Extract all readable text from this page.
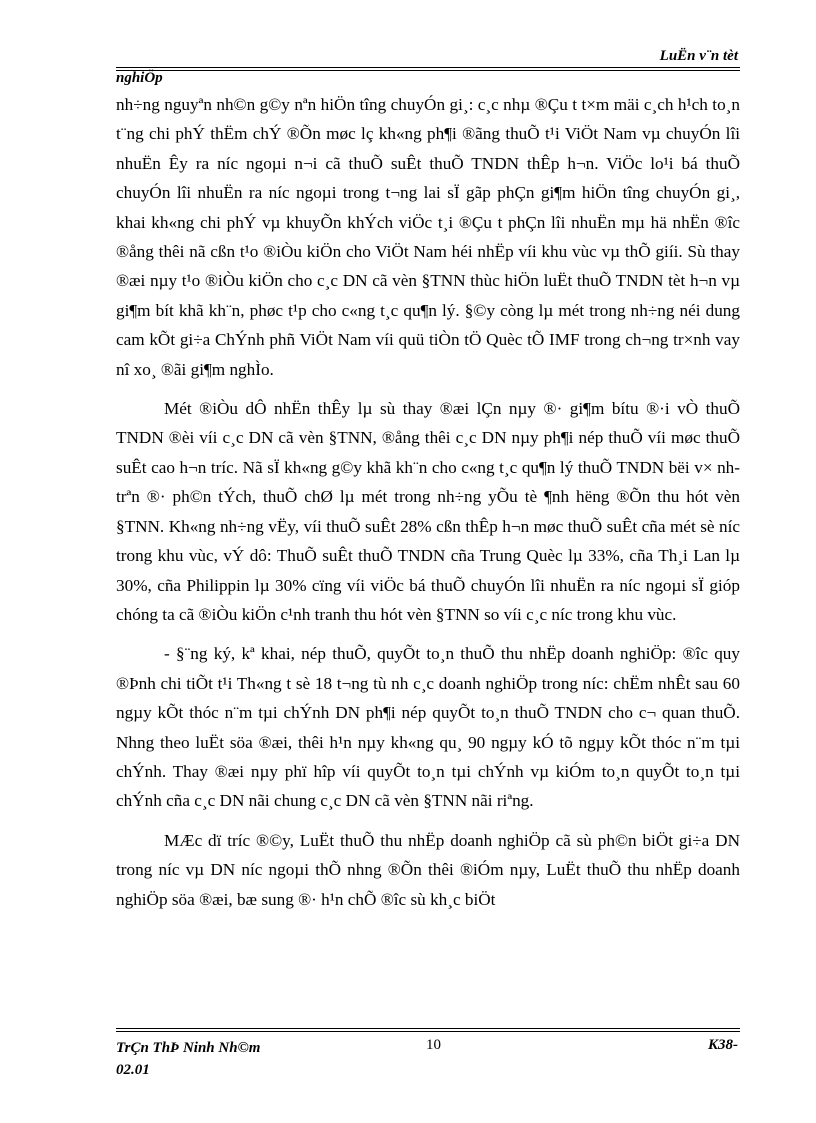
LuËn v¨n tèt
nghiÖp

nh÷ng nguyªn nh©n g©y nªn hiÖn tîng chuyÓn gi¸: c¸c nhµ ®Çu t t×m mäi c¸ch h¹ch to¸n t¨ng chi phÝ thËm chÝ ®Õn møc lç kh«ng ph¶i ®ãng thuÕ t¹i ViÖt Nam vµ chuyÓn lîi nhuËn Êy ra níc ngoµi n¬i cã thuÕ suÊt thuÕ TNDN thÊp h¬n. ViÖc lo¹i bá thuÕ chuyÓn lîi nhuËn ra níc ngoµi trong t¬ng lai sÏ gãp phÇn gi¶m hiÖn tîng chuyÓn gi¸, khai kh«ng chi phÝ vµ khuyÕn khÝch viÖc t¸i ®Çu t phÇn lîi nhuËn mµ hä nhËn ®îc ®ång thêi nã cßn t¹o ®iÒu kiÖn cho ViÖt Nam héi nhËp víi khu vùc vµ thÕ giíi. Sù thay ®æi nµy t¹o ®iÒu kiÖn cho c¸c DN cã vèn §TNN thùc hiÖn luËt thuÕ TNDN tèt h¬n vµ gi¶m bít khã kh¨n, phøc t¹p cho c«ng t¸c qu¶n lý. §©y còng lµ mét trong nh÷ng néi dung cam kÕt gi÷a ChÝnh phñ ViÖt Nam víi quü tiÒn tÖ Quèc tÕ IMF trong ch¬ng tr×nh vay nî xo¸ ®ãi gi¶m nghÌo.

Mét ®iÒu dÔ nhËn thÊy lµ sù thay ®æi lÇn nµy ®· gi¶m bítu ®·i vÒ thuÕ TNDN ®èi víi c¸c DN cã vèn §TNN, ®ång thêi c¸c DN nµy ph¶i nép thuÕ víi møc thuÕ suÊt cao h¬n tríc. Nã sÏ kh«ng g©y khã kh¨n cho c«ng t¸c qu¶n lý thuÕ TNDN bëi v× nh trªn ®· ph©n tÝch, thuÕ chØ lµ mét trong nh÷ng yÕu tè ¶nh hëng ®Õn thu hót vèn §TNN. Kh«ng nh÷ng vËy, víi thuÕ suÊt 28% cßn thÊp h¬n møc thuÕ suÊt cña mét sè níc trong khu vùc, vÝ dô: ThuÕ suÊt thuÕ TNDN cña Trung Quèc lµ 33%, cña Th¸i Lan lµ 30%, cña Philippin lµ 30% cïng víi viÖc bá thuÕ chuyÓn lîi nhuËn ra níc ngoµi sÏ gióp chóng ta cã ®iÒu kiÖn c¹nh tranh thu hót vèn §TNN so víi c¸c níc trong khu vùc.

- §¨ng ký, kª khai, nép thuÕ, quyÕt to¸n thuÕ thu nhËp doanh nghiÖp: ®îc quy ®Þnh chi tiÕt t¹i Th«ng t sè 18 t¬ng tù nh c¸c doanh nghiÖp trong níc: chËm nhÊt sau 60 ngµy kÕt thóc n¨m tµi chÝnh DN ph¶i nép quyÕt to¸n thuÕ TNDN cho c¬ quan thuÕ. Nhng theo luËt söa ®æi, thêi h¹n nµy kh«ng qu¸ 90 ngµy kÓ tõ ngµy kÕt thóc n¨m tµi chÝnh. Thay ®æi nµy phï hîp víi quyÕt to¸n tµi chÝnh vµ kiÓm to¸n quyÕt to¸n tµi chÝnh cña c¸c DN nãi chung c¸c DN cã vèn §TNN nãi riªng.

MÆc dï tríc ®©y, LuËt thuÕ thu nhËp doanh nghiÖp cã sù ph©n biÖt gi÷a DN trong níc vµ DN níc ngoµi thÕ nhng ®Õn thêi ®iÓm nµy, LuËt thuÕ thu nhËp doanh nghiÖp söa ®æi, bæ sung ®· h¹n chÕ ®îc sù kh¸c biÖt

TrÇn ThÞ Ninh Nh©m
02.01
10	K38-
